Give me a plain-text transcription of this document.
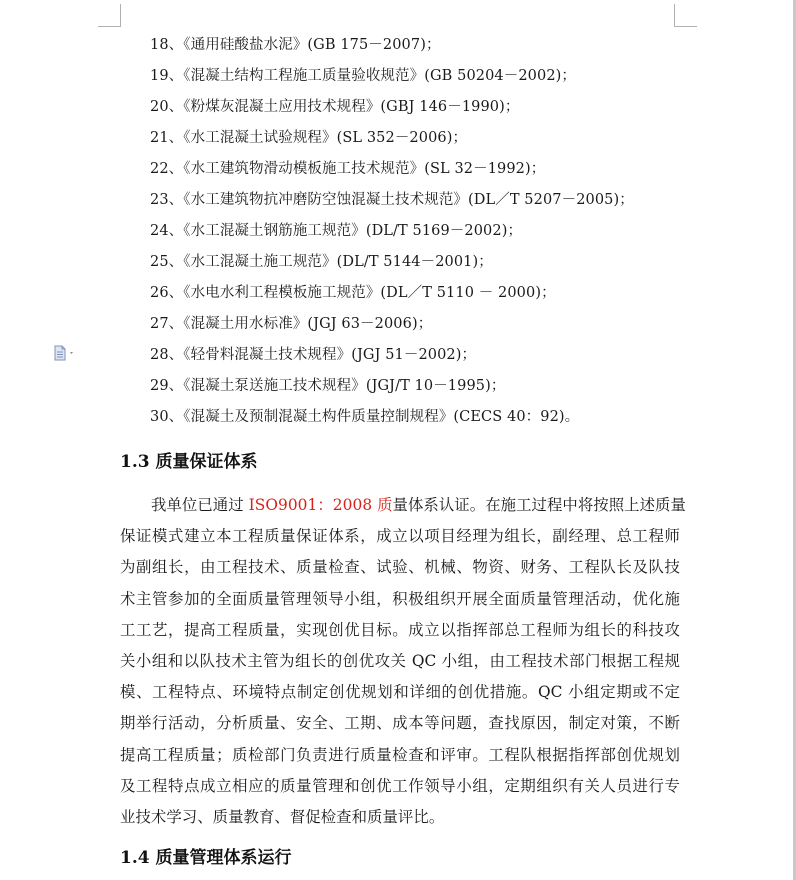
18、《通用硅酸盐水泥》(GB 175－2007)；
19、《混凝土结构工程施工质量验收规范》(GB 50204－2002)；
20、《粉煤灰混凝土应用技术规程》(GBJ 146－1990)；
21、《水工混凝土试验规程》(SL 352－2006)；
22、《水工建筑物滑动模板施工技术规范》(SL 32－1992)；
23、《水工建筑物抗冲磨防空蚀混凝土技术规范》(DL／T 5207－2005)；
24、《水工混凝土钢筋施工规范》(DL/T 5169－2002)；
25、《水工混凝土施工规范》(DL/T 5144－2001)；
26、《水电水利工程模板施工规范》(DL／T 5110 － 2000)；
27、《混凝土用水标准》(JGJ 63－2006)；
28、《轻骨料混凝土技术规程》(JGJ 51－2002)；
29、《混凝土泵送施工技术规程》(JGJ/T 10－1995)；
30、《混凝土及预制混凝土构件质量控制规程》(CECS 40：92)。
1.3 质量保证体系
我单位已通过 ISO9001：2008 质量体系认证。在施工过程中将按照上述质量
保证模式建立本工程质量保证体系，成立以项目经理为组长，副经理、总工程师
为副组长，由工程技术、质量检查、试验、机械、物资、财务、工程队长及队技
术主管参加的全面质量管理领导小组，积极组织开展全面质量管理活动，优化施
工工艺，提高工程质量，实现创优目标。成立以指挥部总工程师为组长的科技攻
关小组和以队技术主管为组长的创优攻关 QC 小组，由工程技术部门根据工程规
模、工程特点、环境特点制定创优规划和详细的创优措施。QC 小组定期或不定
期举行活动，分析质量、安全、工期、成本等问题，查找原因，制定对策，不断
提高工程质量；质检部门负责进行质量检查和评审。工程队根据指挥部创优规划
及工程特点成立相应的质量管理和创优工作领导小组，定期组织有关人员进行专
业技术学习、质量教育、督促检查和质量评比。
1.4 质量管理体系运行
